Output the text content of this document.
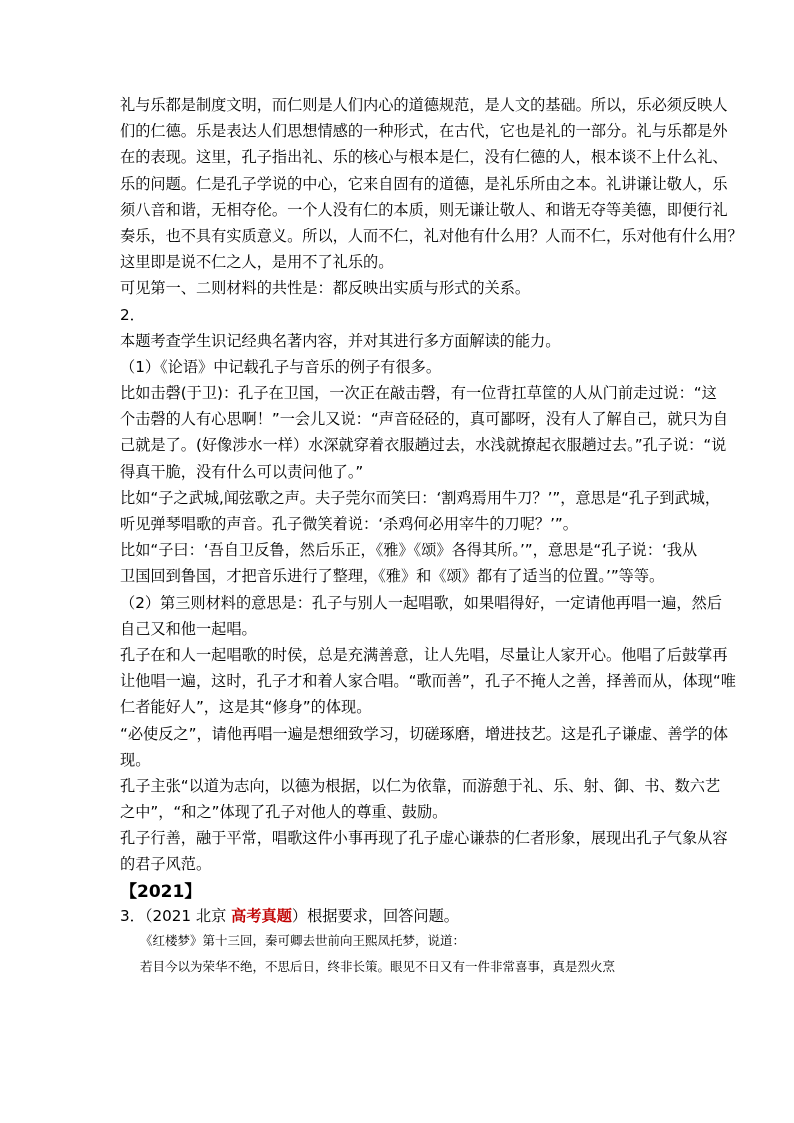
礼与乐都是制度文明，而仁则是人们内心的道德规范，是人文的基础。所以，乐必须反映人
们的仁德。乐是表达人们思想情感的一种形式，在古代，它也是礼的一部分。礼与乐都是外
在的表现。这里，孔子指出礼、乐的核心与根本是仁，没有仁德的人，根本谈不上什么礼、
乐的问题。仁是孔子学说的中心，它来自固有的道德，是礼乐所由之本。礼讲谦让敬人，乐
须八音和谐，无相夺伦。一个人没有仁的本质，则无谦让敬人、和谐无夺等美德，即便行礼
奏乐，也不具有实质意义。所以，人而不仁，礼对他有什么用？人而不仁，乐对他有什么用？
这里即是说不仁之人，是用不了礼乐的。
可见第一、二则材料的共性是：都反映出实质与形式的关系。
2．
本题考查学生识记经典名著内容，并对其进行多方面解读的能力。
（1）《论语》中记载孔子与音乐的例子有很多。
比如击磬(于卫)：孔子在卫国，一次正在敲击磬，有一位背扛草筐的人从门前走过说：“这
个击磬的人有心思啊！”一会儿又说：“声音硁硁的，真可鄙呀，没有人了解自己，就只为自
己就是了。(好像涉水一样）水深就穿着衣服趟过去，水浅就撩起衣服趟过去。”孔子说：“说
得真干脆，没有什么可以责问他了。”
比如“子之武城,闻弦歌之声。夫子莞尔而笑曰：‘割鸡焉用牛刀？’”，意思是“孔子到武城，
听见弹琴唱歌的声音。孔子微笑着说：‘杀鸡何必用宰牛的刀呢？’”。
比如“子曰：‘吾自卫反鲁，然后乐正，《雅》《颂》各得其所。’”，意思是“孔子说：‘我从
卫国回到鲁国，才把音乐进行了整理，《雅》和《颂》都有了适当的位置。’”等等。
（2）第三则材料的意思是：孔子与别人一起唱歌，如果唱得好，一定请他再唱一遍，然后
自己又和他一起唱。
孔子在和人一起唱歌的时侯，总是充满善意，让人先唱，尽量让人家开心。他唱了后鼓掌再
让他唱一遍，这时，孔子才和着人家合唱。“歌而善”，孔子不掩人之善，择善而从，体现“唯
仁者能好人”，这是其“修身”的体现。
“必使反之”，请他再唱一遍是想细致学习，切磋琢磨，增进技艺。这是孔子谦虚、善学的体
现。
孔子主张“以道为志向，以德为根据，以仁为依靠，而游憩于礼、乐、射、御、书、数六艺
之中”，“和之”体现了孔子对他人的尊重、鼓励。
孔子行善，融于平常，唱歌这件小事再现了孔子虚心谦恭的仁者形象，展现出孔子气象从容
的君子风范。
【2021】
3．（2021 北京 高考真题）根据要求，回答问题。
《红楼梦》第十三回，秦可卿去世前向王熙凤托梦，说道：
若目今以为荣华不绝，不思后日，终非长策。眼见不日又有一件非常喜事，真是烈火烹
